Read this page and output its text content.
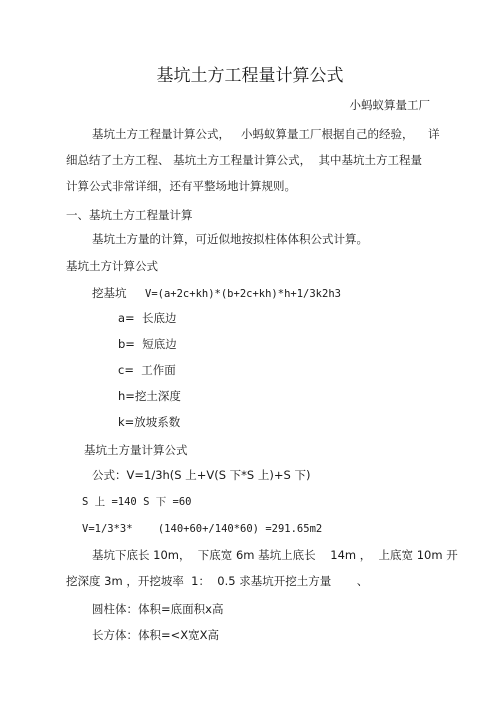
基坑土方工程量计算公式
小蚂蚁算量工厂
基坑土方工程量计算公式，   小蚂蚁算量工厂根据自己的经验，    详
细总结了土方工程、 基坑土方工程量计算公式，  其中基坑土方工程量
计算公式非常详细，还有平整场地计算规则。
一、基坑土方工程量计算
基坑土方量的计算，可近似地按拟柱体体积公式计算。
基坑土方计算公式
挖基坑 V=(a+2c+kh)*(b+2c+kh)*h+1/3k2h3
a=  长底边
b=  短底边
c=  工作面
h=挖土深度
k=放坡系数
基坑土方量计算公式
公式：V=1/3h(S 上+V(S 下*S 上)+S 下)
S 上 =140 S 下 =60
V=1/3*3*    (140+60+/140*60) =291.65m2
基坑下底长 10m，  下底宽 6m 基坑上底长    14m ，  上底宽 10m 开
挖深度 3m ，开挖坡率  1：  0.5 求基坑开挖土方量       、
圆柱体：体积=底面积x高
长方体：体积=<X宽X高
